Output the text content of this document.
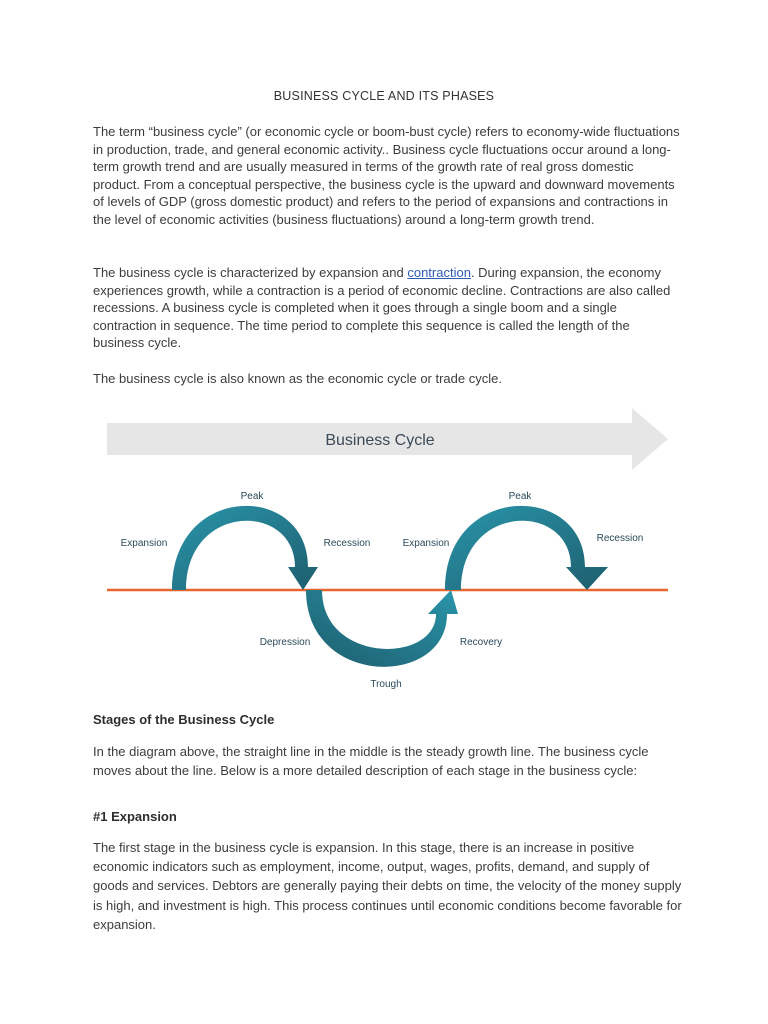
BUSINESS CYCLE AND ITS PHASES

The term “business cycle” (or economic cycle or boom-bust cycle) refers to economy-wide fluctuations in production, trade, and general economic activity.. Business cycle fluctuations occur around a long-term growth trend and are usually measured in terms of the growth rate of real gross domestic product. From a conceptual perspective, the business cycle is the upward and downward movements of levels of GDP (gross domestic product) and refers to the period of expansions and contractions in the level of economic activities (business fluctuations) around a long-term growth trend.

The business cycle is characterized by expansion and contraction. During expansion, the economy experiences growth, while a contraction is a period of economic decline. Contractions are also called recessions. A business cycle is completed when it goes through a single boom and a single contraction in sequence. The time period to complete this sequence is called the length of the business cycle.

The business cycle is also known as the economic cycle or trade cycle.

Business Cycle
Peak	Peak
Expansion	Recession	Expansion	Recession
Depression	Recovery
Trough
Stages of the Business Cycle

In the diagram above, the straight line in the middle is the steady growth line. The business cycle moves about the line. Below is a more detailed description of each stage in the business cycle:

#1 Expansion

The first stage in the business cycle is expansion. In this stage, there is an increase in positive economic indicators such as employment, income, output, wages, profits, demand, and supply of goods and services. Debtors are generally paying their debts on time, the velocity of the money supply is high, and investment is high. This process continues until economic conditions become favorable for expansion.
